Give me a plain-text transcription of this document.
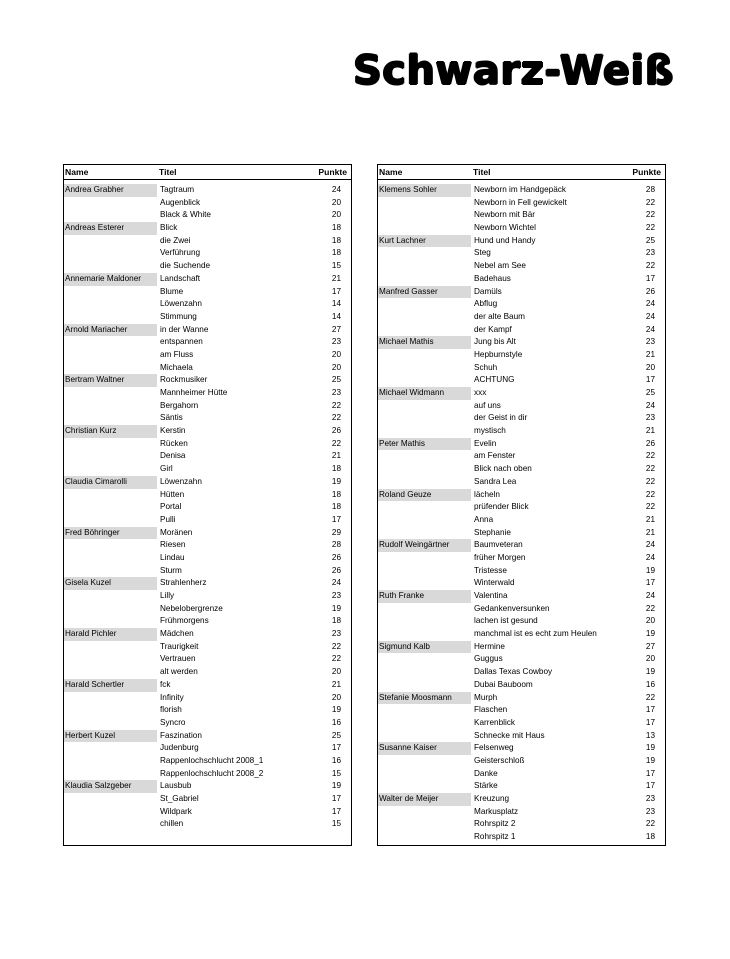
Schwarz-Weiß
Name	Titel	Punkte
Andrea Grabher	Tagtraum	24
Augenblick	20
Black & White	20
Andreas Esterer	Blick	18
die Zwei	18
Verführung	18
die Suchende	15
Annemarie Maldoner	Landschaft	21
Blume	17
Löwenzahn	14
Stimmung	14
Arnold Mariacher	in der Wanne	27
entspannen	23
am Fluss	20
Michaela	20
Bertram Waltner	Rockmusiker	25
Mannheimer Hütte	23
Bergahorn	22
Säntis	22
Christian Kurz	Kerstin	26
Rücken	22
Denisa	21
Girl	18
Claudia Cimarolli	Löwenzahn	19
Hütten	18
Portal	18
Pulli	17
Fred Böhringer	Moränen	29
Riesen	28
Lindau	26
Sturm	26
Gisela Kuzel	Strahlenherz	24
Lilly	23
Nebelobergrenze	19
Frühmorgens	18
Harald Pichler	Mädchen	23
Traurigkeit	22
Vertrauen	22
alt werden	20
Harald Schertler	fck	21
Infinity	20
florish	19
Syncro	16
Herbert Kuzel	Faszination	25
Judenburg	17
Rappenlochschlucht 2008_1	16
Rappenlochschlucht 2008_2	15
Klaudia Salzgeber	Lausbub	19
St_Gabriel	17
Wildpark	17
chillen	15
Name	Titel	Punkte
Klemens Sohler	Newborn im Handgepäck	28
Newborn in Fell gewickelt	22
Newborn mit Bär	22
Newborn Wichtel	22
Kurt Lachner	Hund und Handy	25
Steg	23
Nebel am See	22
Badehaus	17
Manfred Gasser	Damüls	26
Abflug	24
der alte Baum	24
der Kampf	24
Michael Mathis	Jung bis Alt	23
Hepburnstyle	21
Schuh	20
ACHTUNG	17
Michael Widmann	xxx	25
auf uns	24
der Geist in dir	23
mystisch	21
Peter Mathis	Evelin	26
am Fenster	22
Blick nach oben	22
Sandra Lea	22
Roland Geuze	lächeln	22
prüfender Blick	22
Anna	21
Stephanie	21
Rudolf Weingärtner	Baumveteran	24
früher Morgen	24
Tristesse	19
Winterwald	17
Ruth Franke	Valentina	24
Gedankenversunken	22
lachen ist gesund	20
manchmal ist es echt zum Heulen	19
Sigmund Kalb	Hermine	27
Guggus	20
Dallas Texas Cowboy	19
Dubai Bauboom	16
Stefanie Moosmann	Murph	22
Flaschen	17
Karrenblick	17
Schnecke mit Haus	13
Susanne Kaiser	Felsenweg	19
Geisterschloß	19
Danke	17
Stärke	17
Walter de Meijer	Kreuzung	23
Markusplatz	23
Rohrspitz 2	22
Rohrspitz 1	18
